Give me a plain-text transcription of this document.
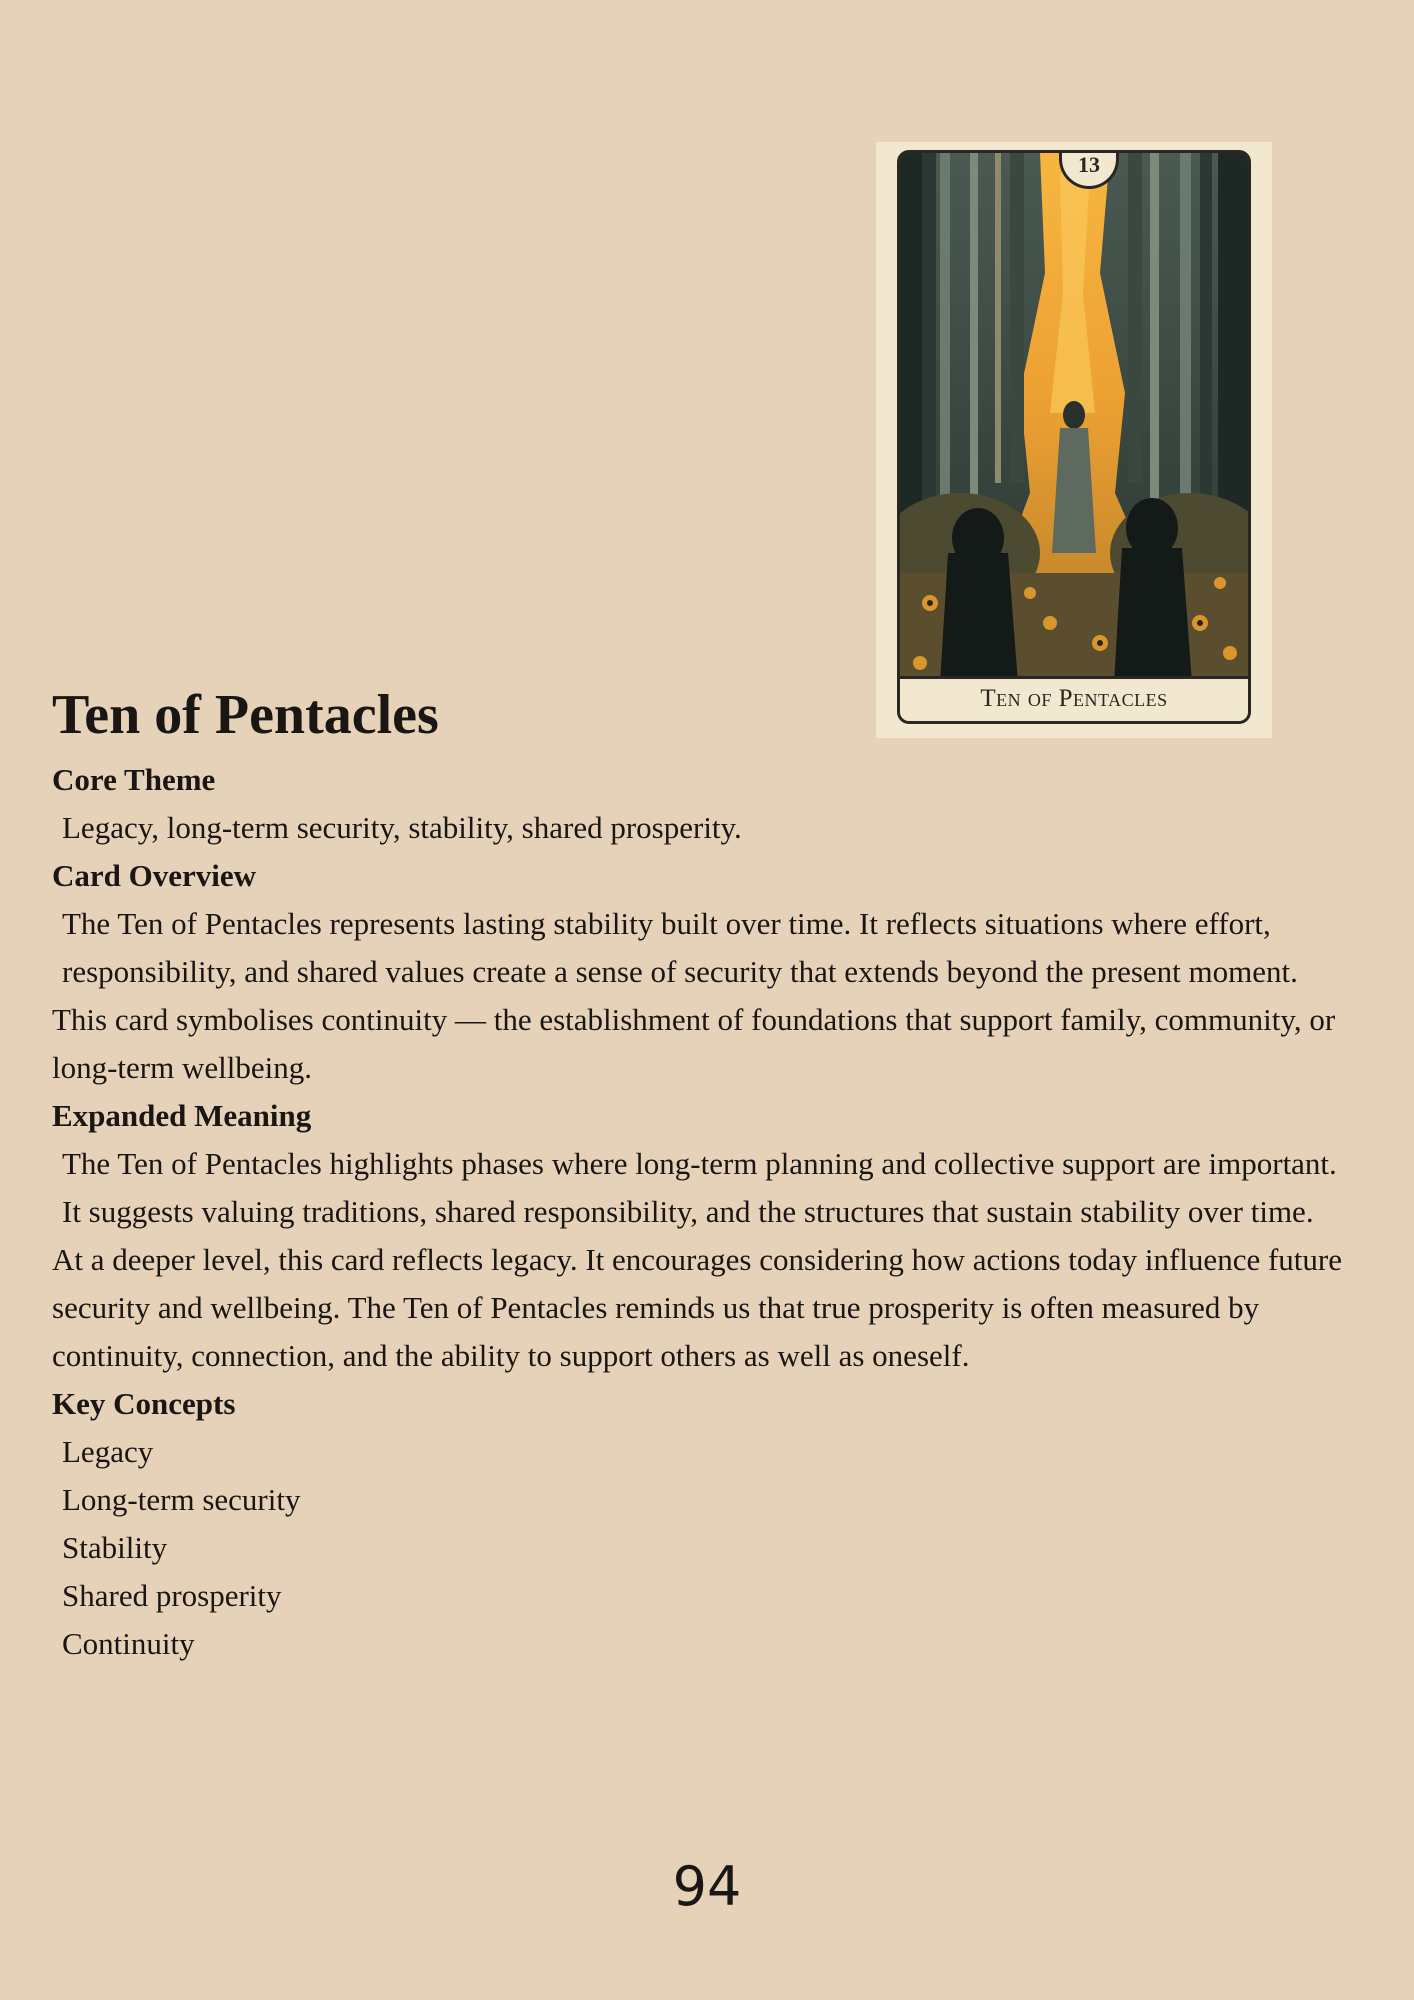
13
Ten of Pentacles
Ten of Pentacles
Core Theme

Legacy, long-term security, stability, shared prosperity.

Card Overview

The Ten of Pentacles represents lasting stability built over time. It reflects situations where effort, responsibility, and shared values create a sense of security that extends beyond the present moment.

This card symbolises continuity — the establishment of foundations that support family, community, or long-term wellbeing.

Expanded Meaning

The Ten of Pentacles highlights phases where long-term planning and collective support are important. It suggests valuing traditions, shared responsibility, and the structures that sustain stability over time.

At a deeper level, this card reflects legacy. It encourages considering how actions today influence future security and wellbeing. The Ten of Pentacles reminds us that true prosperity is often measured by continuity, connection, and the ability to support others as well as oneself.

Key Concepts
Legacy
Long-term security
Stability
Shared prosperity
Continuity
94
